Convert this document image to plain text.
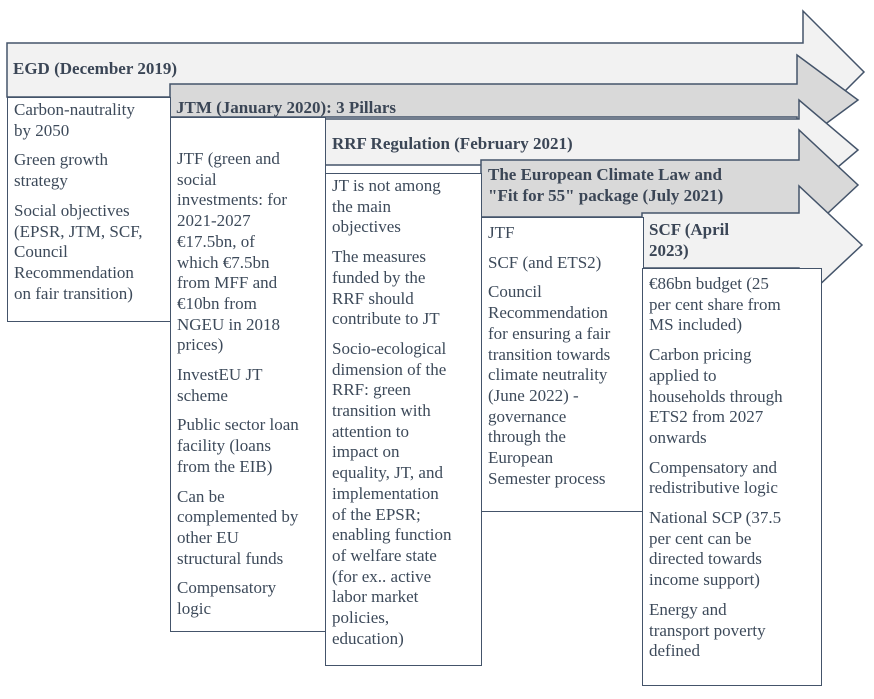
EGD (December 2019)
Carbon-nautrality
by 2050
Green growth
strategy
Social objectives
(EPSR, JTM, SCF,
Council
Recommendation
on fair transition)
JTM (January 2020): 3 Pillars
JTF (green and
social
investments: for
2021-2027
€17.5bn, of
which €7.5bn
from MFF and
€10bn from
NGEU in 2018
prices)
InvestEU JT
scheme
Public sector loan
facility (loans
from the EIB)
Can be
complemented by
other EU
structural funds
Compensatory
logic
RRF Regulation (February 2021)
JT is not among
the main
objectives
The measures
funded by the
RRF should
contribute to JT
Socio-ecological
dimension of the
RRF: green
transition with
attention to
impact on
equality, JT, and
implementation
of the EPSR;
enabling function
of welfare state
(for ex.. active
labor market
policies,
education)
The European Climate Law and
"Fit for 55" package (July 2021)
JTF
SCF (and ETS2)
Council
Recommendation
for ensuring a fair
transition towards
climate neutrality
(June 2022) -
governance
through the
European
Semester process
SCF (April
2023)
€86bn budget (25
per cent share from
MS included)
Carbon pricing
applied to
households through
ETS2 from 2027
onwards
Compensatory and
redistributive logic
National SCP (37.5
per cent can be
directed towards
income support)
Energy and
transport poverty
defined
